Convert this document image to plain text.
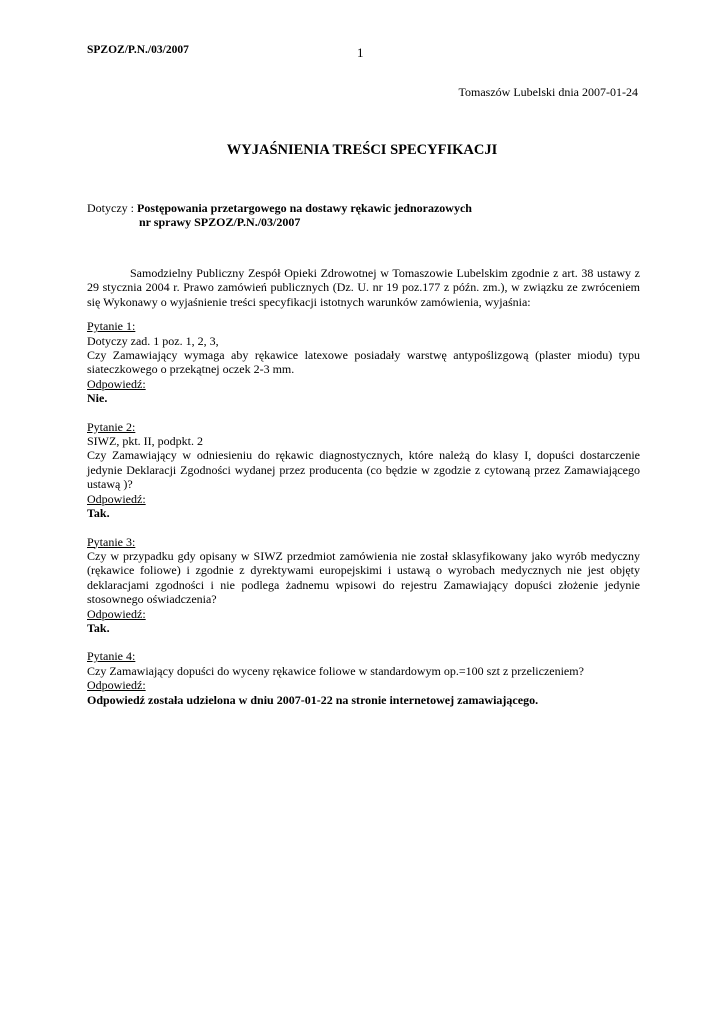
SPZOZ/P.N./03/2007	1
Tomaszów Lubelski dnia 2007-01-24
WYJAŚNIENIA TREŚCI SPECYFIKACJI
Dotyczy : Postępowania przetargowego na dostawy rękawic jednorazowych
nr sprawy SPZOZ/P.N./03/2007

Samodzielny Publiczny Zespół Opieki Zdrowotnej w Tomaszowie Lubelskim zgodnie z art. 38 ustawy z 29 stycznia 2004 r. Prawo zamówień publicznych (Dz. U. nr 19 poz.177 z późn. zm.), w związku ze zwróceniem się Wykonawy o wyjaśnienie treści specyfikacji istotnych warunków zamówienia, wyjaśnia:

Pytanie 1:

Dotyczy zad. 1 poz. 1, 2, 3,

Czy Zamawiający wymaga aby rękawice latexowe posiadały warstwę antypoślizgową (plaster miodu) typu siateczkowego o przekątnej oczek 2-3 mm.

Odpowiedź:

Nie.

Pytanie 2:

SIWZ, pkt. II, podpkt. 2

Czy Zamawiający w odniesieniu do rękawic diagnostycznych, które należą do klasy I, dopuści dostarczenie jedynie Deklaracji Zgodności wydanej przez producenta (co będzie w zgodzie z cytowaną przez Zamawiającego ustawą )?

Odpowiedź:

Tak.

Pytanie 3:

Czy w przypadku gdy opisany w SIWZ przedmiot zamówienia nie został sklasyfikowany jako wyrób medyczny (rękawice foliowe) i zgodnie z dyrektywami europejskimi i ustawą o wyrobach medycznych nie jest objęty deklaracjami zgodności i nie podlega żadnemu wpisowi do rejestru Zamawiający dopuści złożenie jedynie stosownego oświadczenia?

Odpowiedź:

Tak.

Pytanie 4:

Czy Zamawiający dopuści do wyceny rękawice foliowe w standardowym op.=100 szt z przeliczeniem?

Odpowiedź:

Odpowiedź została udzielona w dniu 2007-01-22 na stronie internetowej zamawiającego.
